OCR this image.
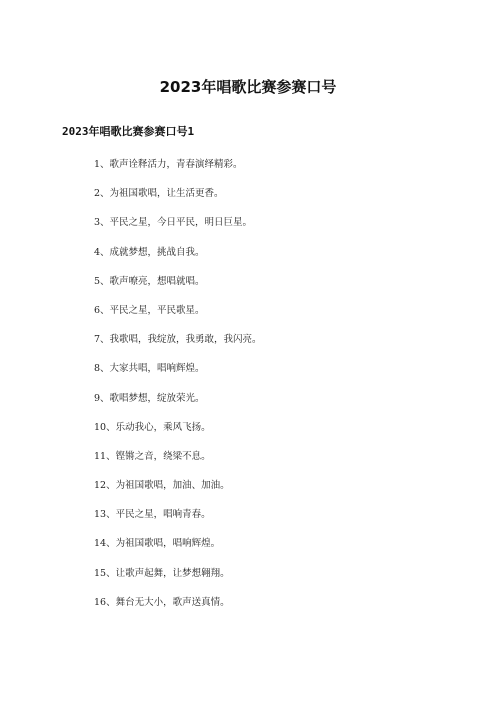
2023年唱歌比赛参赛口号
2023年唱歌比赛参赛口号1
1、歌声诠释活力，青春演绎精彩。
2、为祖国歌唱，让生活更香。
3、平民之星，今日平民，明日巨星。
4、成就梦想，挑战自我。
5、歌声嘹亮，想唱就唱。
6、平民之星，平民歌星。
7、我歌唱，我绽放，我勇敢，我闪亮。
8、大家共唱，唱响辉煌。
9、歌唱梦想，绽放荣光。
10、乐动我心，乘风飞扬。
11、铿锵之音，绕梁不息。
12、为祖国歌唱，加油、加油。
13、平民之星，唱响青春。
14、为祖国歌唱，唱响辉煌。
15、让歌声起舞，让梦想翱翔。
16、舞台无大小，歌声送真情。
